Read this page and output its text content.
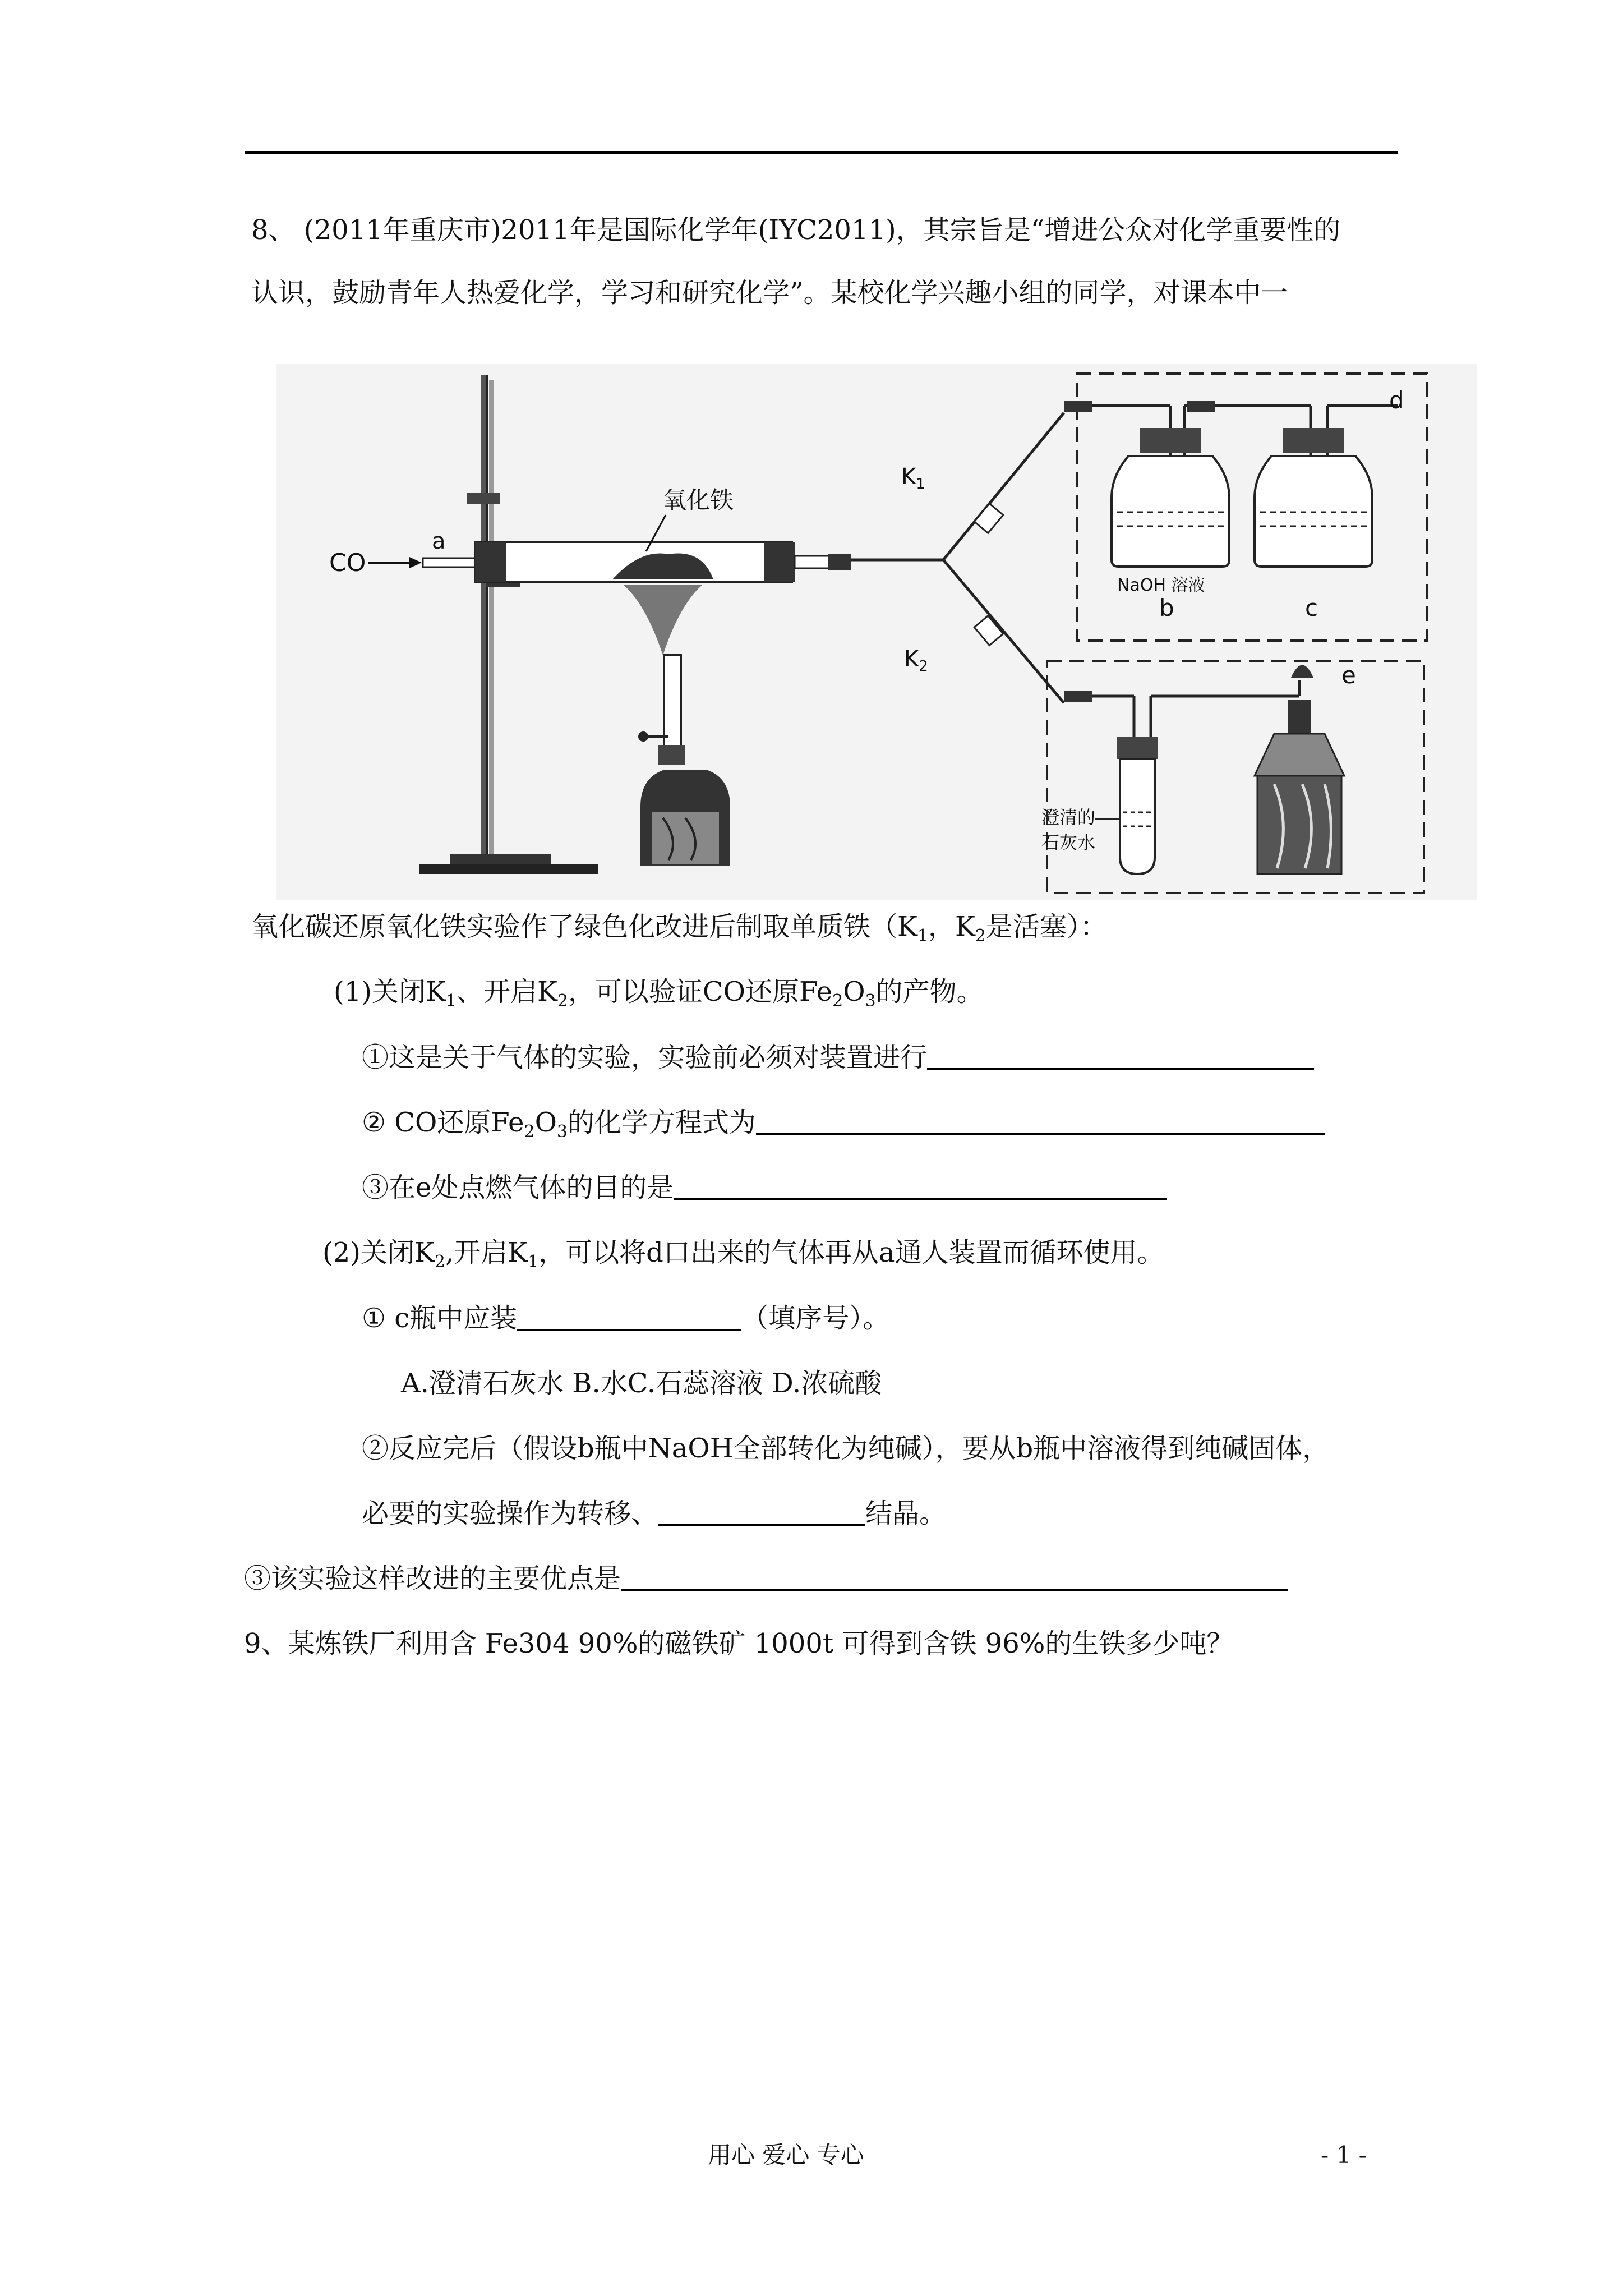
8、 (2011年重庆市)2011年是国际化学年(IYC2011)，其宗旨是“增进公众对化学重要性的
认识，鼓励青年人热爱化学，学习和研究化学”。某校化学兴趣小组的同学，对课本中一
CO
a
氧化铁
$K_1$
$K_2$
d
NaOH 溶液
b	c
澄清的
石灰水
e
氧化碳还原氧化铁实验作了绿色化改进后制取单质铁（$K_1$，$K_2$是活塞）：
(1)关闭$K_1$、开启$K_2$，可以验证CO还原$Fe_2O_3$的产物。
①这是关于气体的实验，实验前必须对装置进行
② CO还原$Fe_2O_3$的化学方程式为
③在e处点燃气体的目的是
(2)关闭$K_2$,开启$K_1$，可以将d口出来的气体再从a通人装置而循环使用。
① c瓶中应装	（填序号）。
A.澄清石灰水 B.水C.石蕊溶液 D.浓硫酸
②反应完后（假设b瓶中NaOH全部转化为纯碱），要从b瓶中溶液得到纯碱固体，
必要的实验操作为转移、	结晶。
③该实验这样改进的主要优点是
9、某炼铁厂利用含 Fe304 90%的磁铁矿 1000t 可得到含铁 96%的生铁多少吨？
用心 爱心 专心	- 1 -
